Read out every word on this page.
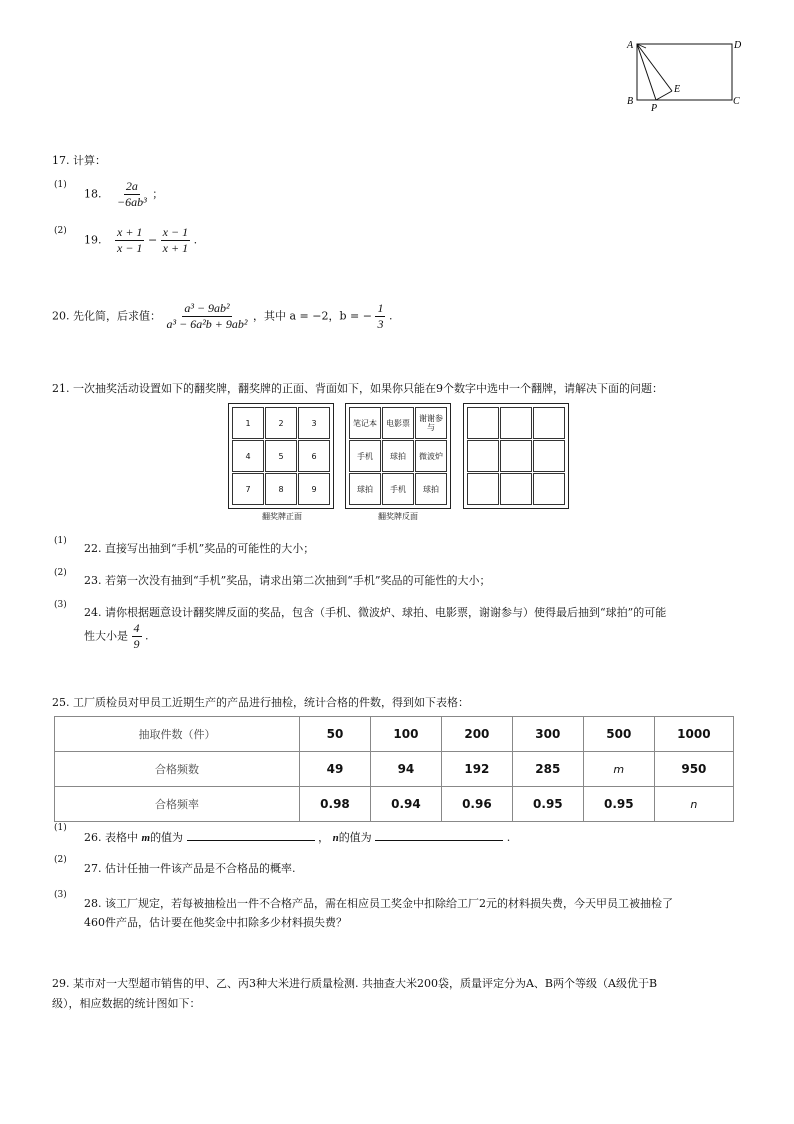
A	D
B	C
E
P
17. 计算：
(1)
18. $\frac{2a}{\text{−6ab³}}$ ；
(2)
19. $\frac{x + 1}{x - 1} - \frac{x - 1}{x + 1}$ .
20. 先化简，后求值： $\frac{\text{a³ − 9ab²}}{\text{a³ − 6a²b + 9ab²}}$ ，其中 a = −2，b = − $\frac{1}{3}$ .
21. 一次抽奖活动设置如下的翻奖牌，翻奖牌的正面、背面如下，如果你只能在9个数字中选中一个翻牌，请解决下面的问题：
1	2	3
4	5	6
7	8	9
翻奖牌正面
笔记本	电影票	谢谢参与
手机	球拍	微波炉
球拍	手机	球拍
翻奖牌反面
(1)
22. 直接写出抽到“手机”奖品的可能性的大小；
(2)
23. 若第一次没有抽到“手机”奖品，请求出第二次抽到“手机”奖品的可能性的大小；
(3)
24. 请你根据题意设计翻奖牌反面的奖品，包含（手机、微波炉、球拍、电影票，谢谢参与）使得最后抽到“球拍”的可能
性大小是 $\frac{4}{9}$ .
25. 工厂质检员对甲员工近期生产的产品进行抽检，统计合格的件数，得到如下表格：
抽取件数（件）	50	100	200	300	500	1000
合格频数	49	94	192	285	m	950
合格频率	0.98	0.94	0.96	0.95	0.95	n
(1)
26. 表格中 m的值为	， n的值为	.
(2)
27. 估计任抽一件该产品是不合格品的概率.
(3)
28. 该工厂规定，若每被抽检出一件不合格产品，需在相应员工奖金中扣除给工厂2元的材料损失费，今天甲员工被抽检了
460件产品，估计要在他奖金中扣除多少材料损失费？
29. 某市对一大型超市销售的甲、乙、丙3种大米进行质量检测. 共抽查大米200袋，质量评定分为A、B两个等级（A级优于B
级），相应数据的统计图如下：
